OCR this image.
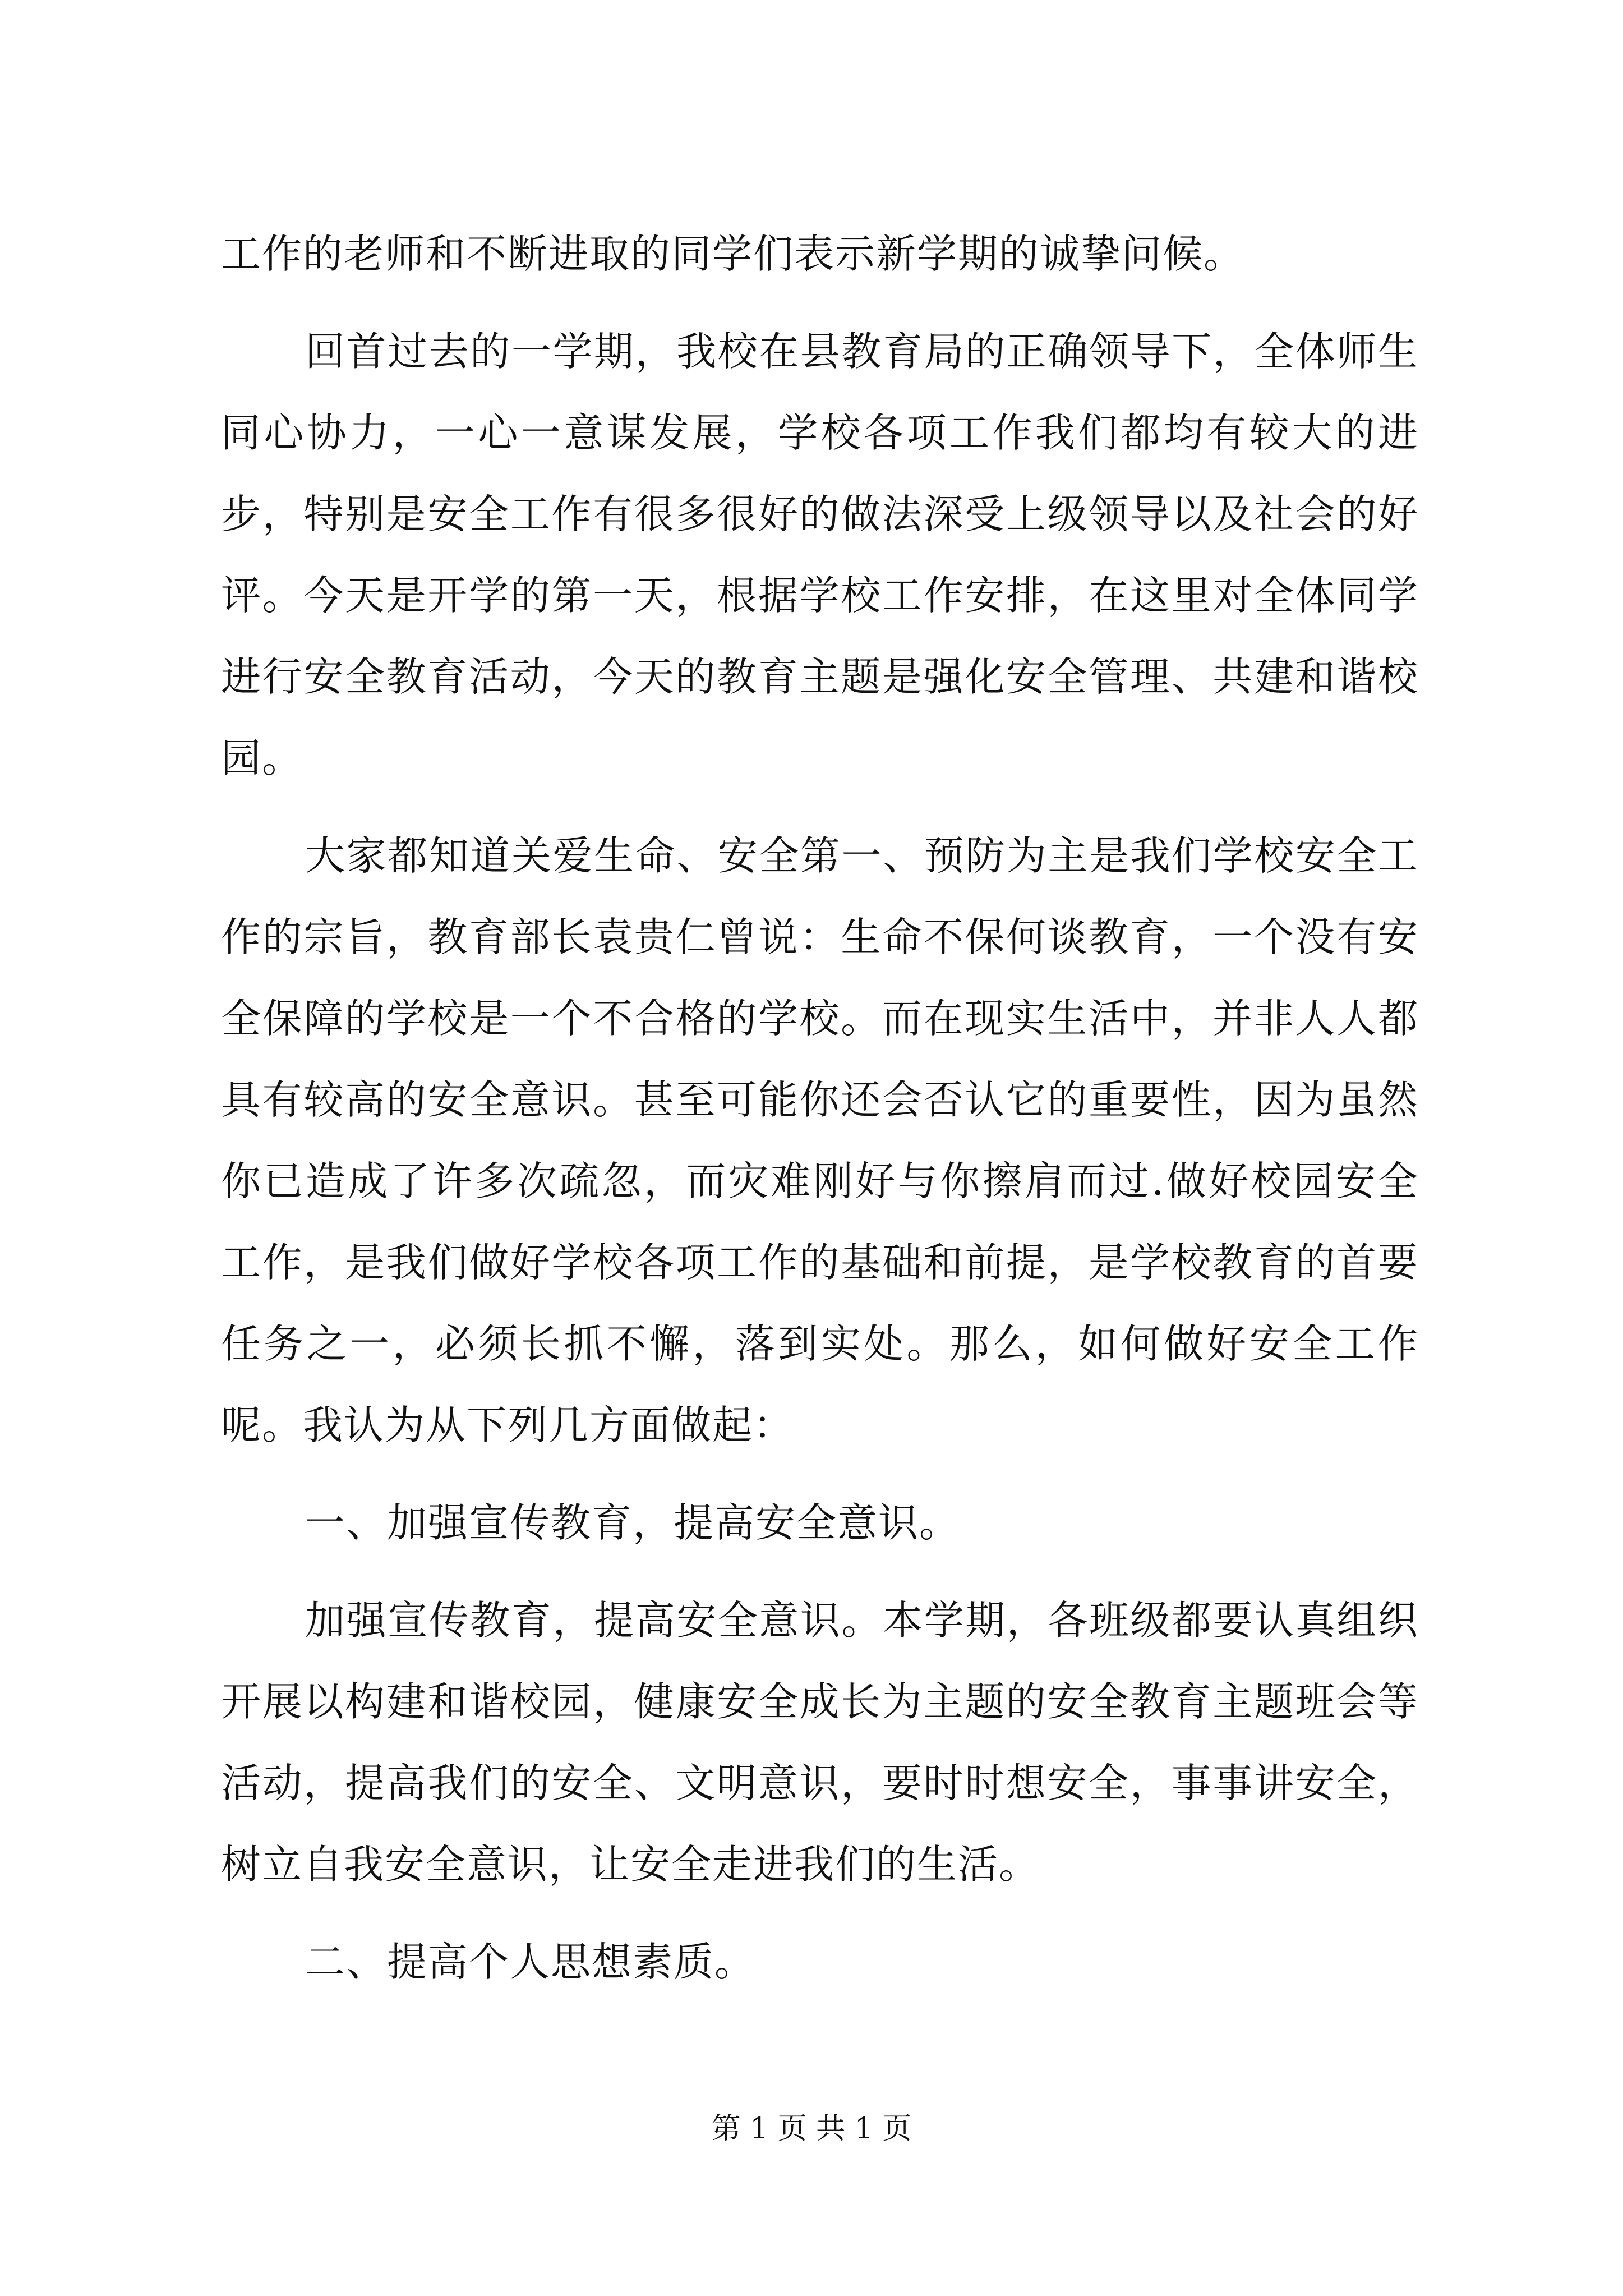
工作的老师和不断进取的同学们表示新学期的诚挚问候。

回首过去的一学期，我校在县教育局的正确领导下，全体师生同心协力，一心一意谋发展，学校各项工作我们都均有较大的进步，特别是安全工作有很多很好的做法深受上级领导以及社会的好评。今天是开学的第一天，根据学校工作安排，在这里对全体同学进行安全教育活动，今天的教育主题是强化安全管理、共建和谐校园。

大家都知道关爱生命、安全第一、预防为主是我们学校安全工作的宗旨，教育部长袁贵仁曾说：生命不保何谈教育，一个没有安全保障的学校是一个不合格的学校。而在现实生活中，并非人人都具有较高的安全意识。甚至可能你还会否认它的重要性，因为虽然你已造成了许多次疏忽，而灾难刚好与你擦肩而过.做好校园安全工作，是我们做好学校各项工作的基础和前提，是学校教育的首要任务之一，必须长抓不懈，落到实处。那么，如何做好安全工作呢。我认为从下列几方面做起：

一、加强宣传教育，提高安全意识。

加强宣传教育，提高安全意识。本学期，各班级都要认真组织开展以构建和谐校园，健康安全成长为主题的安全教育主题班会等活动，提高我们的安全、文明意识，要时时想安全，事事讲安全，树立自我安全意识，让安全走进我们的生活。

二、提高个人思想素质。

第 1 页 共 1 页
